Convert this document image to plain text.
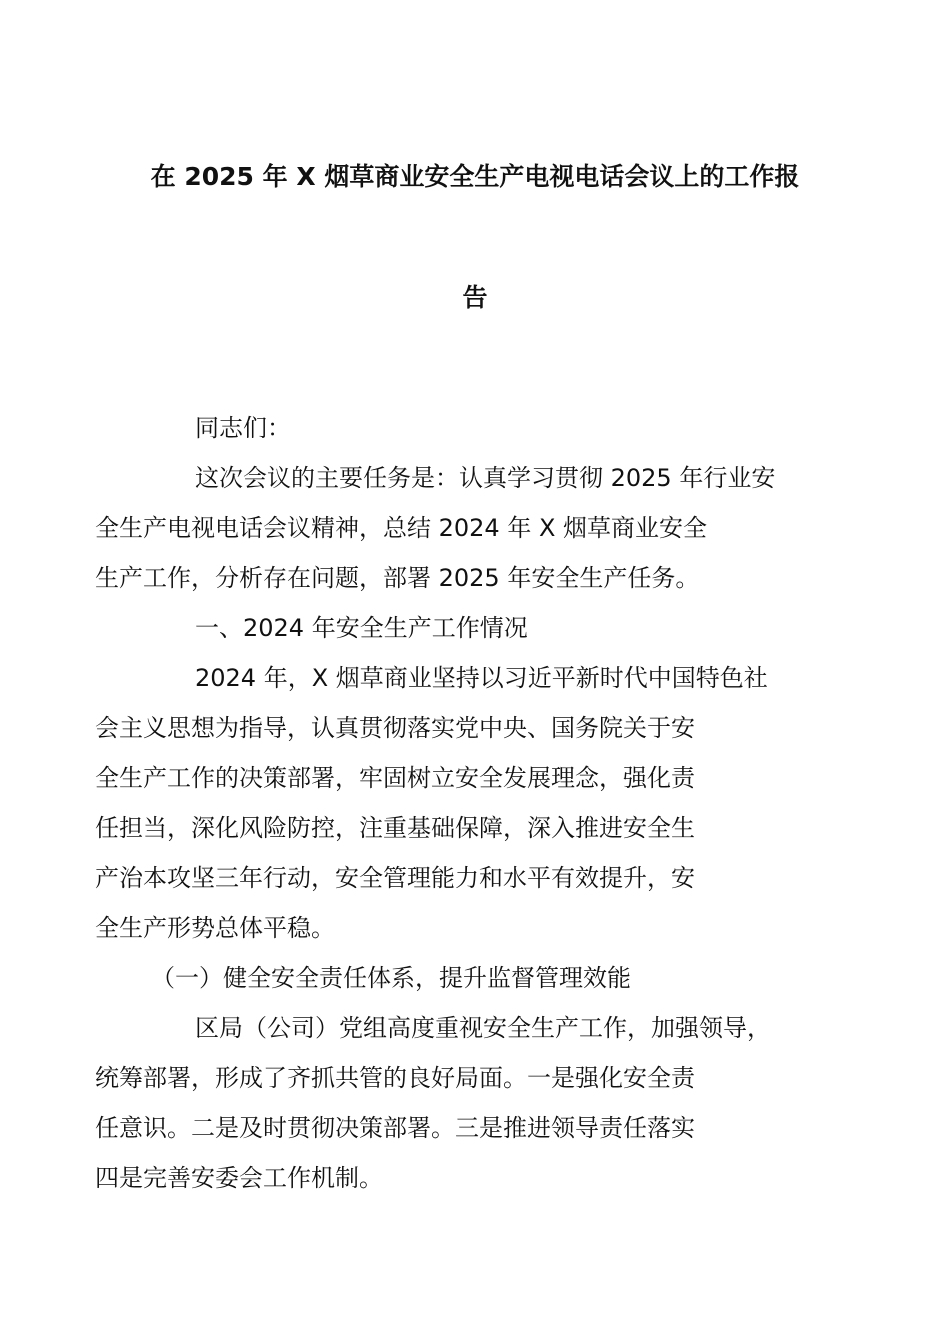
在 2025 年 X 烟草商业安全生产电视电话会议上的工作报
告

同志们：

这次会议的主要任务是：认真学习贯彻 2025 年行业安
全生产电视电话会议精神，总结 2024 年 X 烟草商业安全
生产工作，分析存在问题，部署 2025 年安全生产任务。

一、2024 年安全生产工作情况

2024 年，X 烟草商业坚持以习近平新时代中国特色社
会主义思想为指导，认真贯彻落实党中央、国务院关于安
全生产工作的决策部署，牢固树立安全发展理念，强化责
任担当，深化风险防控，注重基础保障，深入推进安全生
产治本攻坚三年行动，安全管理能力和水平有效提升，安
全生产形势总体平稳。

（一）健全安全责任体系，提升监督管理效能

区局（公司）党组高度重视安全生产工作，加强领导，
统筹部署，形成了齐抓共管的良好局面。一是强化安全责
任意识。二是及时贯彻决策部署。三是推进领导责任落实
四是完善安委会工作机制。
